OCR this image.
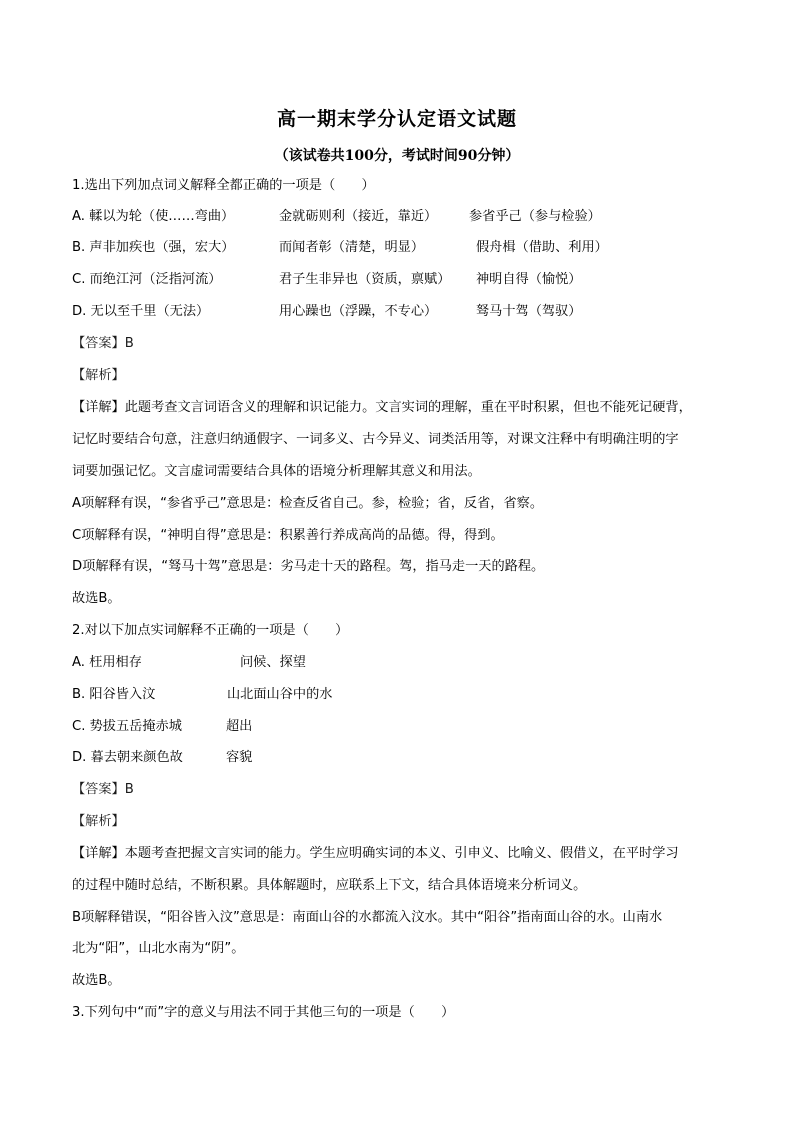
高一期末学分认定语文试题
（该试卷共100分，考试时间90分钟）
1.选出下列加点词义解释全都正确的一项是（　　）
A. 輮以为轮（使……弯曲）	金就砺则利（接近，靠近） 参省乎己（参与检验）
B. 声非加疾也（强，宏大）	而闻者彰（清楚，明显）	假舟楫（借助、利用）
C. 而绝江河（泛指河流）	君子生非异也（资质，禀赋） 神明自得（愉悦）
D. 无以至千里（无法）	用心躁也（浮躁，不专心）	驽马十驾（驾驭）
【答案】B
【解析】
【详解】此题考查文言词语含义的理解和识记能力。文言实词的理解，重在平时积累，但也不能死记硬背，
记忆时要结合句意，注意归纳通假字、一词多义、古今异义、词类活用等，对课文注释中有明确注明的字
词要加强记忆。文言虚词需要结合具体的语境分析理解其意义和用法。
A项解释有误，“参省乎己”意思是：检查反省自己。参，检验；省，反省，省察。
C项解释有误，“神明自得”意思是：积累善行养成高尚的品德。得，得到。
D项解释有误，“驽马十驾”意思是：劣马走十天的路程。驾，指马走一天的路程。
故选B。
2.对以下加点实词解释不正确的一项是（　　）
A. 枉用相存	问候、探望
B. 阳谷皆入汶	山北面山谷中的水
C. 势拔五岳掩赤城	超出
D. 暮去朝来颜色故	容貌
【答案】B
【解析】
【详解】本题考查把握文言实词的能力。学生应明确实词的本义、引申义、比喻义、假借义，在平时学习
的过程中随时总结，不断积累。具体解题时，应联系上下文，结合具体语境来分析词义。
B项解释错误，“阳谷皆入汶”意思是：南面山谷的水都流入汶水。其中“阳谷”指南面山谷的水。山南水
北为“阳”，山北水南为“阴”。
故选B。
3.下列句中“而”字的意义与用法不同于其他三句的一项是（　　）
